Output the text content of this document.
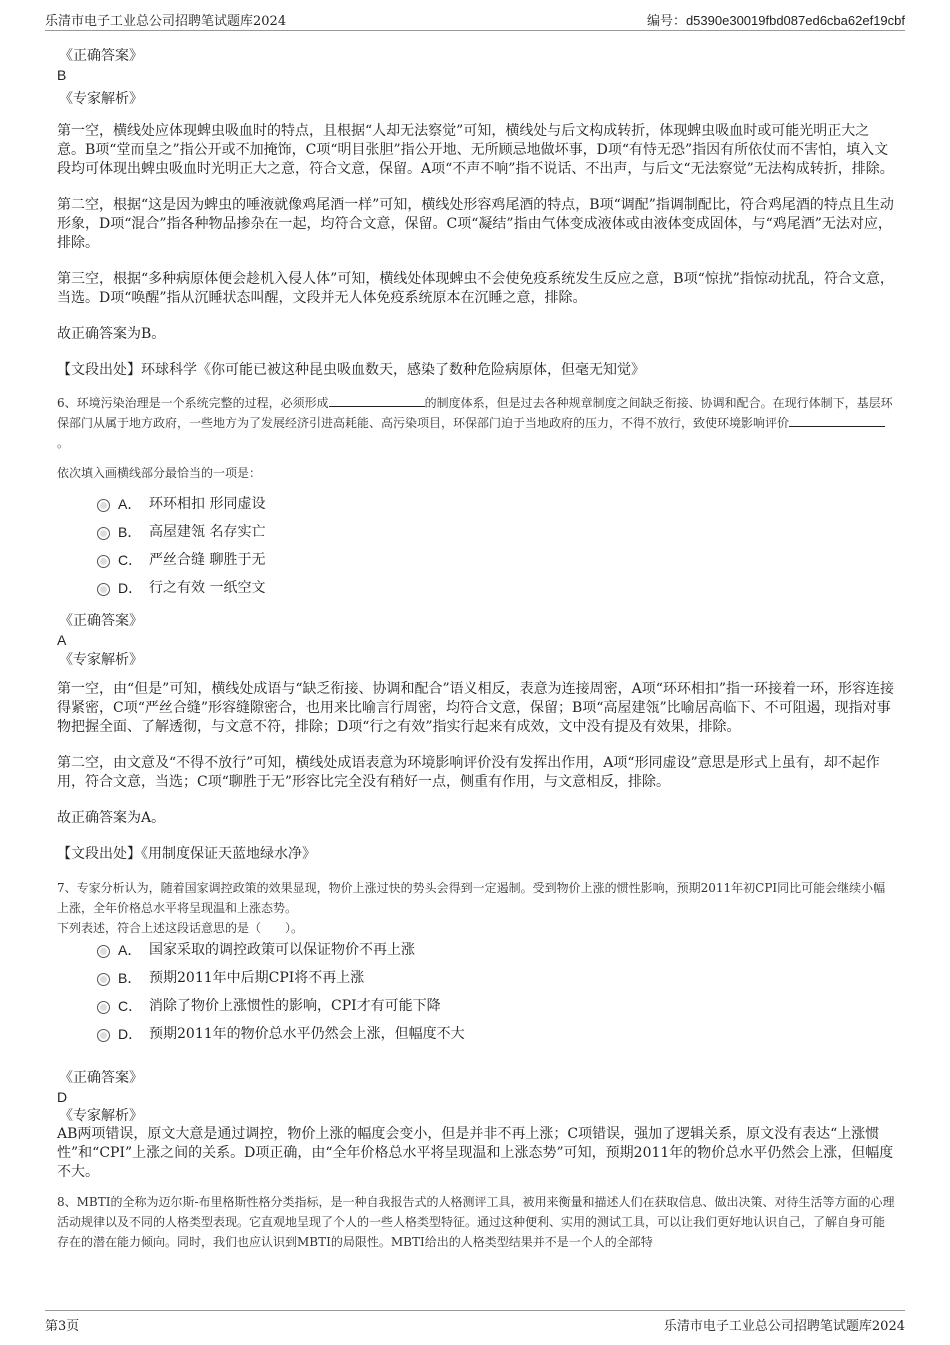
乐清市电子工业总公司招聘笔试题库2024	编号：d5390e30019fbd087ed6cba62ef19cbf
《正确答案》
B
《专家解析》

第一空，横线处应体现蜱虫吸血时的特点，且根据“人却无法察觉”可知，横线处与后文构成转折，体现蜱虫吸血时或可能光明正大之意。B项“堂而皇之”指公开或不加掩饰，C项“明目张胆”指公开地、无所顾忌地做坏事，D项“有恃无恐”指因有所依仗而不害怕，填入文段均可体现出蜱虫吸血时光明正大之意，符合文意，保留。A项“不声不响”指不说话、不出声，与后文“无法察觉”无法构成转折，排除。

第二空，根据“这是因为蜱虫的唾液就像鸡尾酒一样”可知，横线处形容鸡尾酒的特点，B项“调配”指调制配比，符合鸡尾酒的特点且生动形象，D项“混合”指各种物品掺杂在一起，均符合文意，保留。C项“凝结”指由气体变成液体或由液体变成固体，与“鸡尾酒”无法对应，排除。

第三空，根据“多种病原体便会趁机入侵人体”可知，横线处体现蜱虫不会使免疫系统发生反应之意，B项“惊扰”指惊动扰乱，符合文意，当选。D项“唤醒”指从沉睡状态叫醒，文段并无人体免疫系统原本在沉睡之意，排除。

故正确答案为B。

【文段出处】环球科学《你可能已被这种昆虫吸血数天，感染了数种危险病原体，但毫无知觉》

6、环境污染治理是一个系统完整的过程，必须形成	的制度体系，但是过去各种规章制度之间缺乏衔接、协调和配合。在现行体制下，基层环保部门从属于地方政府，一些地方为了发展经济引进高耗能、高污染项目，环保部门迫于当地政府的压力，不得不放行，致使环境影响评价。
依次填入画横线部分最恰当的一项是：
A． 环环相扣 形同虚设
B． 高屋建瓴 名存实亡
C． 严丝合缝 聊胜于无
D． 行之有效 一纸空文
《正确答案》
A
《专家解析》

第一空，由“但是”可知，横线处成语与“缺乏衔接、协调和配合”语义相反，表意为连接周密，A项“环环相扣”指一环接着一环，形容连接得紧密，C项“严丝合缝”形容缝隙密合，也用来比喻言行周密，均符合文意，保留；B项“高屋建瓴”比喻居高临下、不可阻遏，现指对事物把握全面、了解透彻，与文意不符，排除；D项“行之有效”指实行起来有成效，文中没有提及有效果，排除。

第二空，由文意及“不得不放行”可知，横线处成语表意为环境影响评价没有发挥出作用，A项“形同虚设”意思是形式上虽有，却不起作用，符合文意，当选；C项“聊胜于无”形容比完全没有稍好一点，侧重有作用，与文意相反，排除。

故正确答案为A。

【文段出处】《用制度保证天蓝地绿水净》

7、专家分析认为，随着国家调控政策的效果显现，物价上涨过快的势头会得到一定遏制。受到物价上涨的惯性影响，预期2011年初CPI同比可能会继续小幅上涨，全年价格总水平将呈现温和上涨态势。
下列表述，符合上述这段话意思的是（　　）。
A． 国家采取的调控政策可以保证物价不再上涨
B． 预期2011年中后期CPI将不再上涨
C． 消除了物价上涨惯性的影响，CPI才有可能下降
D． 预期2011年的物价总水平仍然会上涨，但幅度不大
《正确答案》
D
《专家解析》

AB两项错误，原文大意是通过调控，物价上涨的幅度会变小，但是并非不再上涨；C项错误，强加了逻辑关系，原文没有表达“上涨惯性”和“CPI”上涨之间的关系。D项正确，由“全年价格总水平将呈现温和上涨态势”可知，预期2011年的物价总水平仍然会上涨，但幅度不大。

8、MBTI的全称为迈尔斯-布里格斯性格分类指标，是一种自我报告式的人格测评工具，被用来衡量和描述人们在获取信息、做出决策、对待生活等方面的心理活动规律以及不同的人格类型表现。它直观地呈现了个人的一些人格类型特征。通过这种便利、实用的测试工具，可以让我们更好地认识自己，了解自身可能存在的潜在能力倾向。同时，我们也应认识到MBTI的局限性。MBTI给出的人格类型结果并不是一个人的全部特
第3页	乐清市电子工业总公司招聘笔试题库2024
